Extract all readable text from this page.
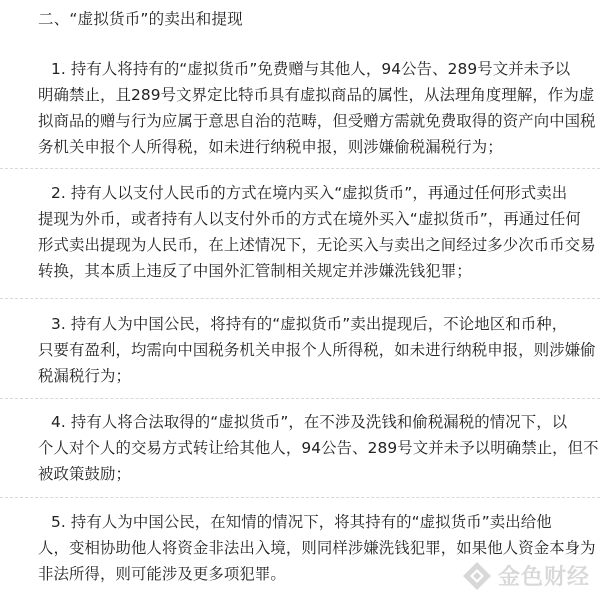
二、“虚拟货币”的卖出和提现
1. 持有人将持有的“虚拟货币”免费赠与其他人，94公告、289号文并未予以
明确禁止，且289号文界定比特币具有虚拟商品的属性，从法理角度理解，作为虚
拟商品的赠与行为应属于意思自治的范畴，但受赠方需就免费取得的资产向中国税
务机关申报个人所得税，如未进行纳税申报，则涉嫌偷税漏税行为；
2. 持有人以支付人民币的方式在境内买入“虚拟货币”，再通过任何形式卖出
提现为外币，或者持有人以支付外币的方式在境外买入“虚拟货币”，再通过任何
形式卖出提现为人民币，在上述情况下，无论买入与卖出之间经过多少次币币交易
转换，其本质上违反了中国外汇管制相关规定并涉嫌洗钱犯罪；
3. 持有人为中国公民，将持有的“虚拟货币”卖出提现后，不论地区和币种，
只要有盈利，均需向中国税务机关申报个人所得税，如未进行纳税申报，则涉嫌偷
税漏税行为；
4. 持有人将合法取得的“虚拟货币”，在不涉及洗钱和偷税漏税的情况下，以
个人对个人的交易方式转让给其他人，94公告、289号文并未予以明确禁止，但不
被政策鼓励；
5. 持有人为中国公民，在知情的情况下，将其持有的“虚拟货币”卖出给他
人，变相协助他人将资金非法出入境，则同样涉嫌洗钱犯罪，如果他人资金本身为
非法所得，则可能涉及更多项犯罪。	金色财经
